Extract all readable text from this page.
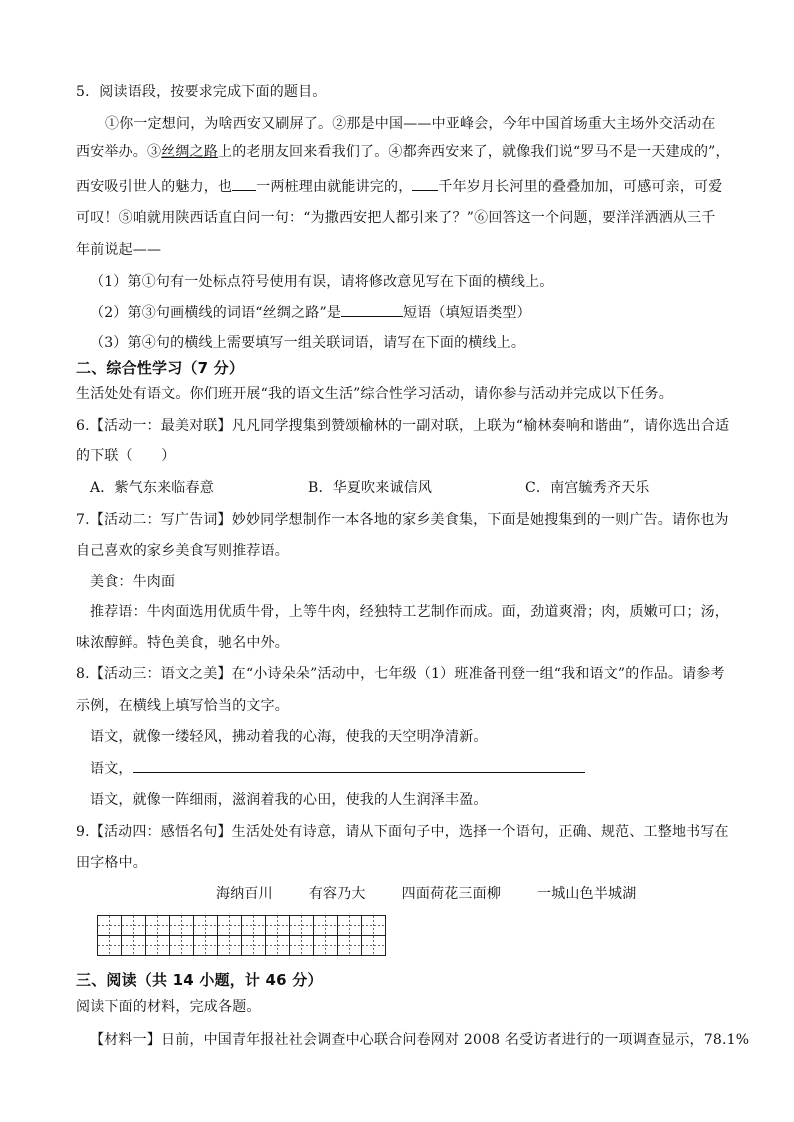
5．阅读语段，按要求完成下面的题目。
①你一定想问，为啥西安又刷屏了。②那是中国——中亚峰会，今年中国首场重大主场外交活动在
西安举办。③丝绸之路上的老朋友回来看我们了。④都奔西安来了，就像我们说“罗马不是一天建成的”，
西安吸引世人的魅力，也 一两桩理由就能讲完的， 千年岁月长河里的叠叠加加，可感可亲，可爱
可叹！⑤咱就用陕西话直白问一句：“为撒西安把人都引来了？”⑥回答这一个问题，要洋洋洒洒从三千
年前说起——
（1）第①句有一处标点符号使用有误，请将修改意见写在下面的横线上。
（2）第③句画横线的词语“丝绸之路”是	短语（填短语类型）
（3）第④句的横线上需要填写一组关联词语，请写在下面的横线上。
二、综合性学习（7 分）
生活处处有语文。你们班开展“我的语文生活”综合性学习活动，请你参与活动并完成以下任务。
6.【活动一：最美对联】凡凡同学搜集到赞颂榆林的一副对联，上联为“榆林奏响和谐曲”，请你选出合适
的下联（　　）
A．紫气东来临春意	B．华夏吹来诚信风	C．南宫毓秀齐天乐
7.【活动二：写广告词】妙妙同学想制作一本各地的家乡美食集，下面是她搜集到的一则广告。请你也为
自己喜欢的家乡美食写则推荐语。
美食：牛肉面
推荐语：牛肉面选用优质牛骨，上等牛肉，经独特工艺制作而成。面，劲道爽滑；肉，质嫩可口；汤，
味浓醇鲜。特色美食，驰名中外。
8.【活动三：语文之美】在“小诗朵朵”活动中，七年级（1）班准备刊登一组“我和语文”的作品。请参考
示例，在横线上填写恰当的文字。
语文，就像一缕轻风，拂动着我的心海，使我的天空明净清新。
语文，
语文，就像一阵细雨，滋润着我的心田，使我的人生润泽丰盈。
9.【活动四：感悟名句】生活处处有诗意，请从下面句子中，选择一个语句，正确、规范、工整地书写在
田字格中。
海纳百川	有容乃大	四面荷花三面柳	一城山色半城湖

三、阅读（共 14 小题，计 46 分）
阅读下面的材料，完成各题。
【材料一】日前，中国青年报社社会调查中心联合问卷网对 2008 名受访者进行的一项调查显示，78.1%
